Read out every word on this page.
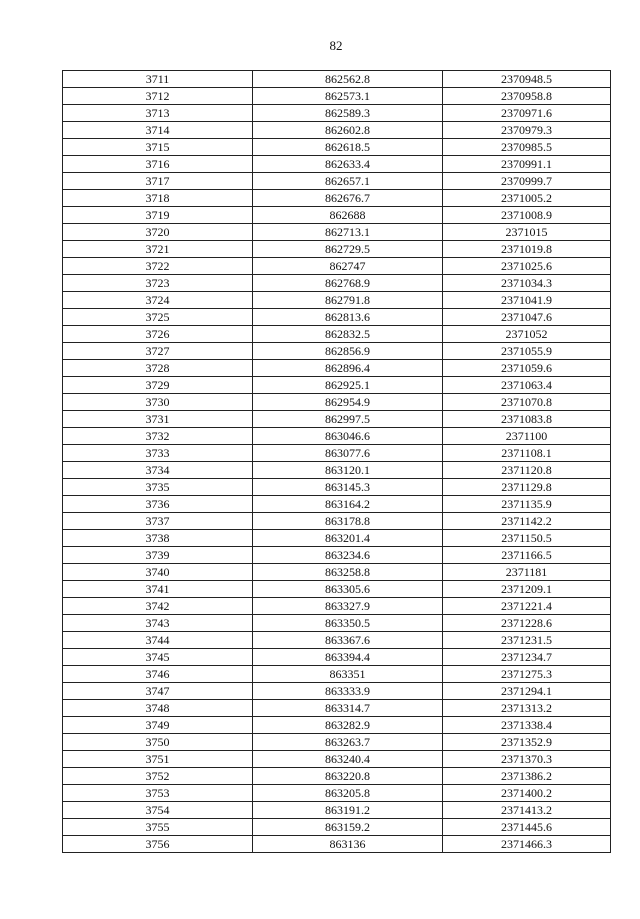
82
3711	862562.8	2370948.5
3712	862573.1	2370958.8
3713	862589.3	2370971.6
3714	862602.8	2370979.3
3715	862618.5	2370985.5
3716	862633.4	2370991.1
3717	862657.1	2370999.7
3718	862676.7	2371005.2
3719	862688	2371008.9
3720	862713.1	2371015
3721	862729.5	2371019.8
3722	862747	2371025.6
3723	862768.9	2371034.3
3724	862791.8	2371041.9
3725	862813.6	2371047.6
3726	862832.5	2371052
3727	862856.9	2371055.9
3728	862896.4	2371059.6
3729	862925.1	2371063.4
3730	862954.9	2371070.8
3731	862997.5	2371083.8
3732	863046.6	2371100
3733	863077.6	2371108.1
3734	863120.1	2371120.8
3735	863145.3	2371129.8
3736	863164.2	2371135.9
3737	863178.8	2371142.2
3738	863201.4	2371150.5
3739	863234.6	2371166.5
3740	863258.8	2371181
3741	863305.6	2371209.1
3742	863327.9	2371221.4
3743	863350.5	2371228.6
3744	863367.6	2371231.5
3745	863394.4	2371234.7
3746	863351	2371275.3
3747	863333.9	2371294.1
3748	863314.7	2371313.2
3749	863282.9	2371338.4
3750	863263.7	2371352.9
3751	863240.4	2371370.3
3752	863220.8	2371386.2
3753	863205.8	2371400.2
3754	863191.2	2371413.2
3755	863159.2	2371445.6
3756	863136	2371466.3
